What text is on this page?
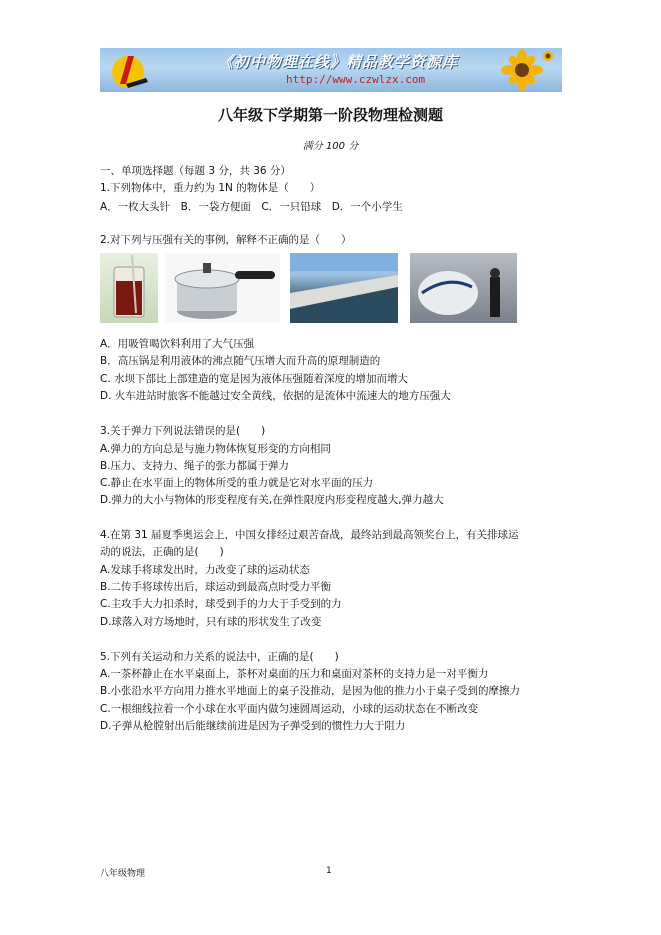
《初中物理在线》精品教学资源库
http://www.czwlzx.com
八年级下学期第一阶段物理检测题
满分 100 分
一、单项选择题（每题 3 分，共 36 分）
1.下列物体中，重力约为 1N 的物体是（　　）
A．一枚大头针　B．一袋方便面　C．一只铅球　D．一个小学生
2.对下列与压强有关的事例，解释不正确的是（　　）
A．用吸管喝饮料利用了大气压强
B．高压锅是利用液体的沸点随气压增大而升高的原理制造的
C. 水坝下部比上部建造的宽是因为液体压强随着深度的增加而增大
D. 火车进站时旅客不能越过安全黄线，依据的是流体中流速大的地方压强大
3.关于弹力下列说法错误的是(　　)
A.弹力的方向总是与施力物体恢复形变的方向相同
B.压力、支持力、绳子的张力都属于弹力
C.静止在水平面上的物体所受的重力就是它对水平面的压力
D.弹力的大小与物体的形变程度有关,在弹性限度内形变程度越大,弹力越大
4.在第 31 届夏季奥运会上，中国女排经过艰苦奋战，最终站到最高领奖台上，有关排球运
动的说法，正确的是(　　)
A.发球手将球发出时，力改变了球的运动状态
B.二传手将球传出后，球运动到最高点时受力平衡
C.主攻手大力扣杀时，球受到手的力大于手受到的力
D.球落入对方场地时，只有球的形状发生了改变
5.下列有关运动和力关系的说法中，正确的是(　　)
A.一茶杯静止在水平桌面上，茶杯对桌面的压力和桌面对茶杯的支持力是一对平衡力
B.小张沿水平方向用力推水平地面上的桌子没推动，是因为他的推力小于桌子受到的摩擦力
C.一根细线拉着一个小球在水平面内做匀速圆周运动，小球的运动状态在不断改变
D.子弹从枪膛射出后能继续前进是因为子弹受到的惯性力大于阻力
八年级物理	1
